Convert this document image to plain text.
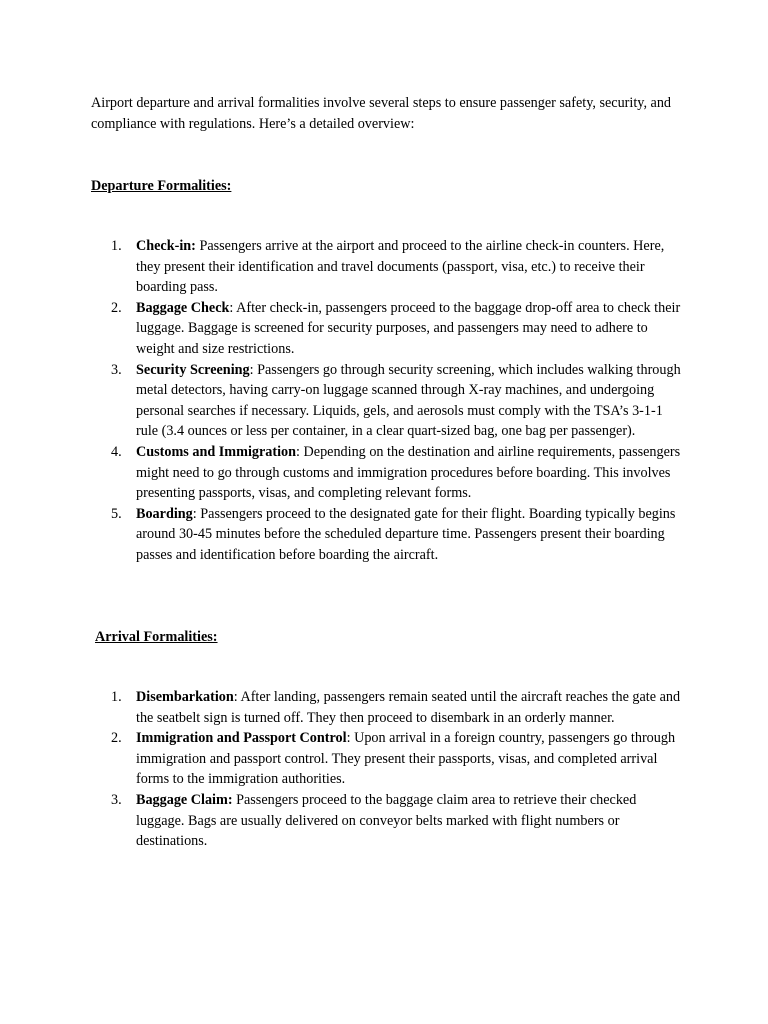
Airport departure and arrival formalities involve several steps to ensure passenger safety, security, and compliance with regulations. Here’s a detailed overview:

Departure Formalities:
1. Check-in: Passengers arrive at the airport and proceed to the airline check-in counters. Here, they present their identification and travel documents (passport, visa, etc.) to receive their boarding pass.
2. Baggage Check: After check-in, passengers proceed to the baggage drop-off area to check their luggage. Baggage is screened for security purposes, and passengers may need to adhere to weight and size restrictions.
3. Security Screening: Passengers go through security screening, which includes walking through metal detectors, having carry-on luggage scanned through X-ray machines, and undergoing personal searches if necessary. Liquids, gels, and aerosols must comply with the TSA’s 3-1-1 rule (3.4 ounces or less per container, in a clear quart-sized bag, one bag per passenger).
4. Customs and Immigration: Depending on the destination and airline requirements, passengers might need to go through customs and immigration procedures before boarding. This involves presenting passports, visas, and completing relevant forms.
5. Boarding: Passengers proceed to the designated gate for their flight. Boarding typically begins around 30-45 minutes before the scheduled departure time. Passengers present their boarding passes and identification before boarding the aircraft.
Arrival Formalities:
1. Disembarkation: After landing, passengers remain seated until the aircraft reaches the gate and the seatbelt sign is turned off. They then proceed to disembark in an orderly manner.
2. Immigration and Passport Control: Upon arrival in a foreign country, passengers go through immigration and passport control. They present their passports, visas, and completed arrival forms to the immigration authorities.
3. Baggage Claim: Passengers proceed to the baggage claim area to retrieve their checked luggage. Bags are usually delivered on conveyor belts marked with flight numbers or destinations.
